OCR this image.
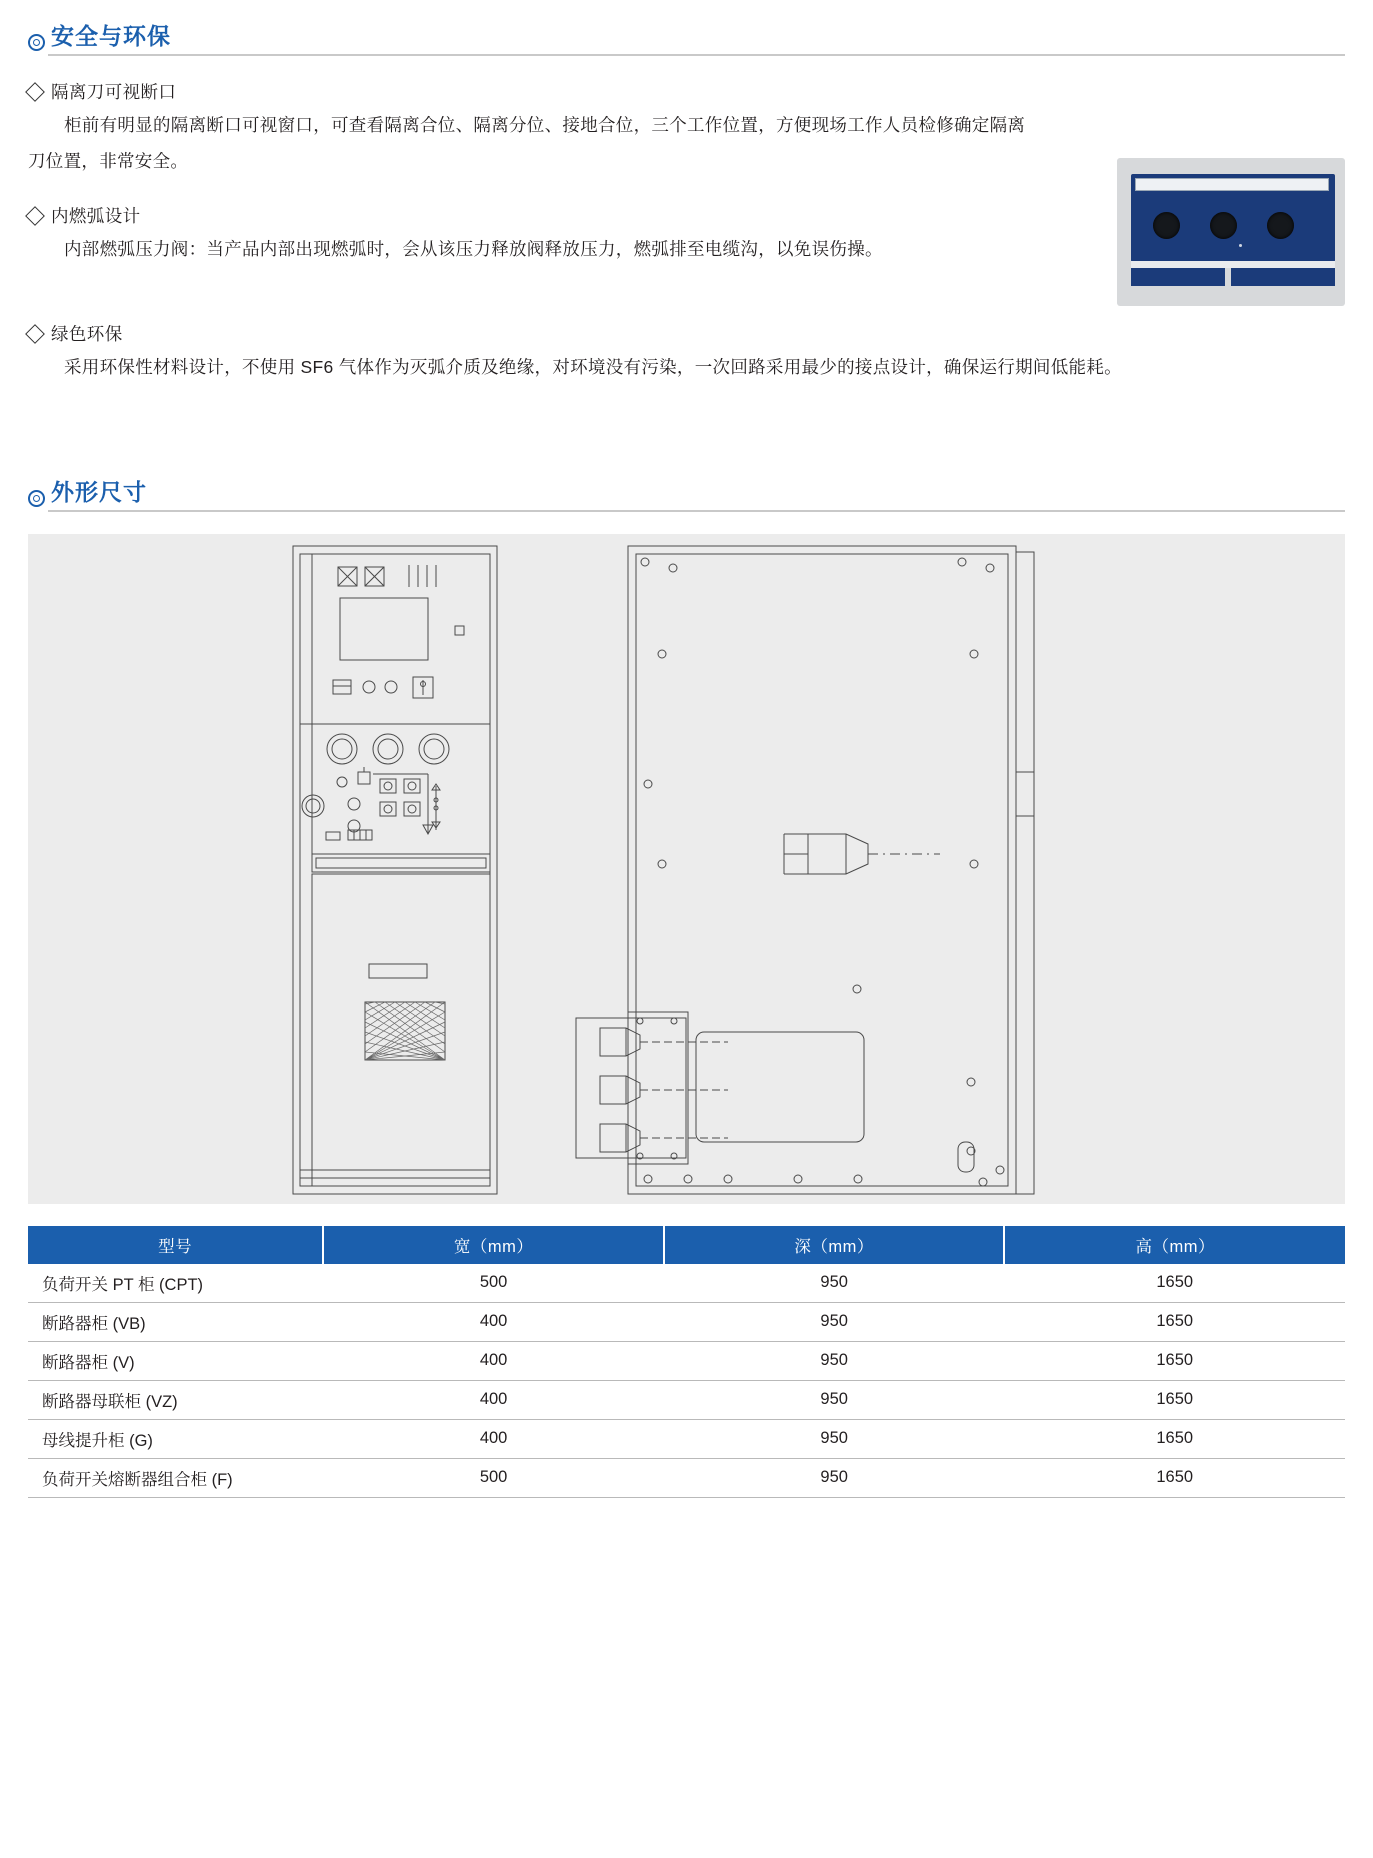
安全与环保
隔离刀可视断口
柜前有明显的隔离断口可视窗口，可查看隔离合位、隔离分位、接地合位，三个工作位置，方便现场工作人员检修确定隔离刀位置，非常安全。
内燃弧设计
内部燃弧压力阀：当产品内部出现燃弧时，会从该压力释放阀释放压力，燃弧排至电缆沟，以免误伤操。
绿色环保
采用环保性材料设计，不使用 SF6 气体作为灭弧介质及绝缘，对环境没有污染，一次回路采用最少的接点设计，确保运行期间低能耗。
外形尺寸
型号	宽（mm）	深（mm）	高（mm）
负荷开关 PT 柜 (CPT)	500	950	1650
断路器柜 (VB)	400	950	1650
断路器柜 (V)	400	950	1650
断路器母联柜 (VZ)	400	950	1650
母线提升柜 (G)	400	950	1650
负荷开关熔断器组合柜 (F)	500	950	1650
